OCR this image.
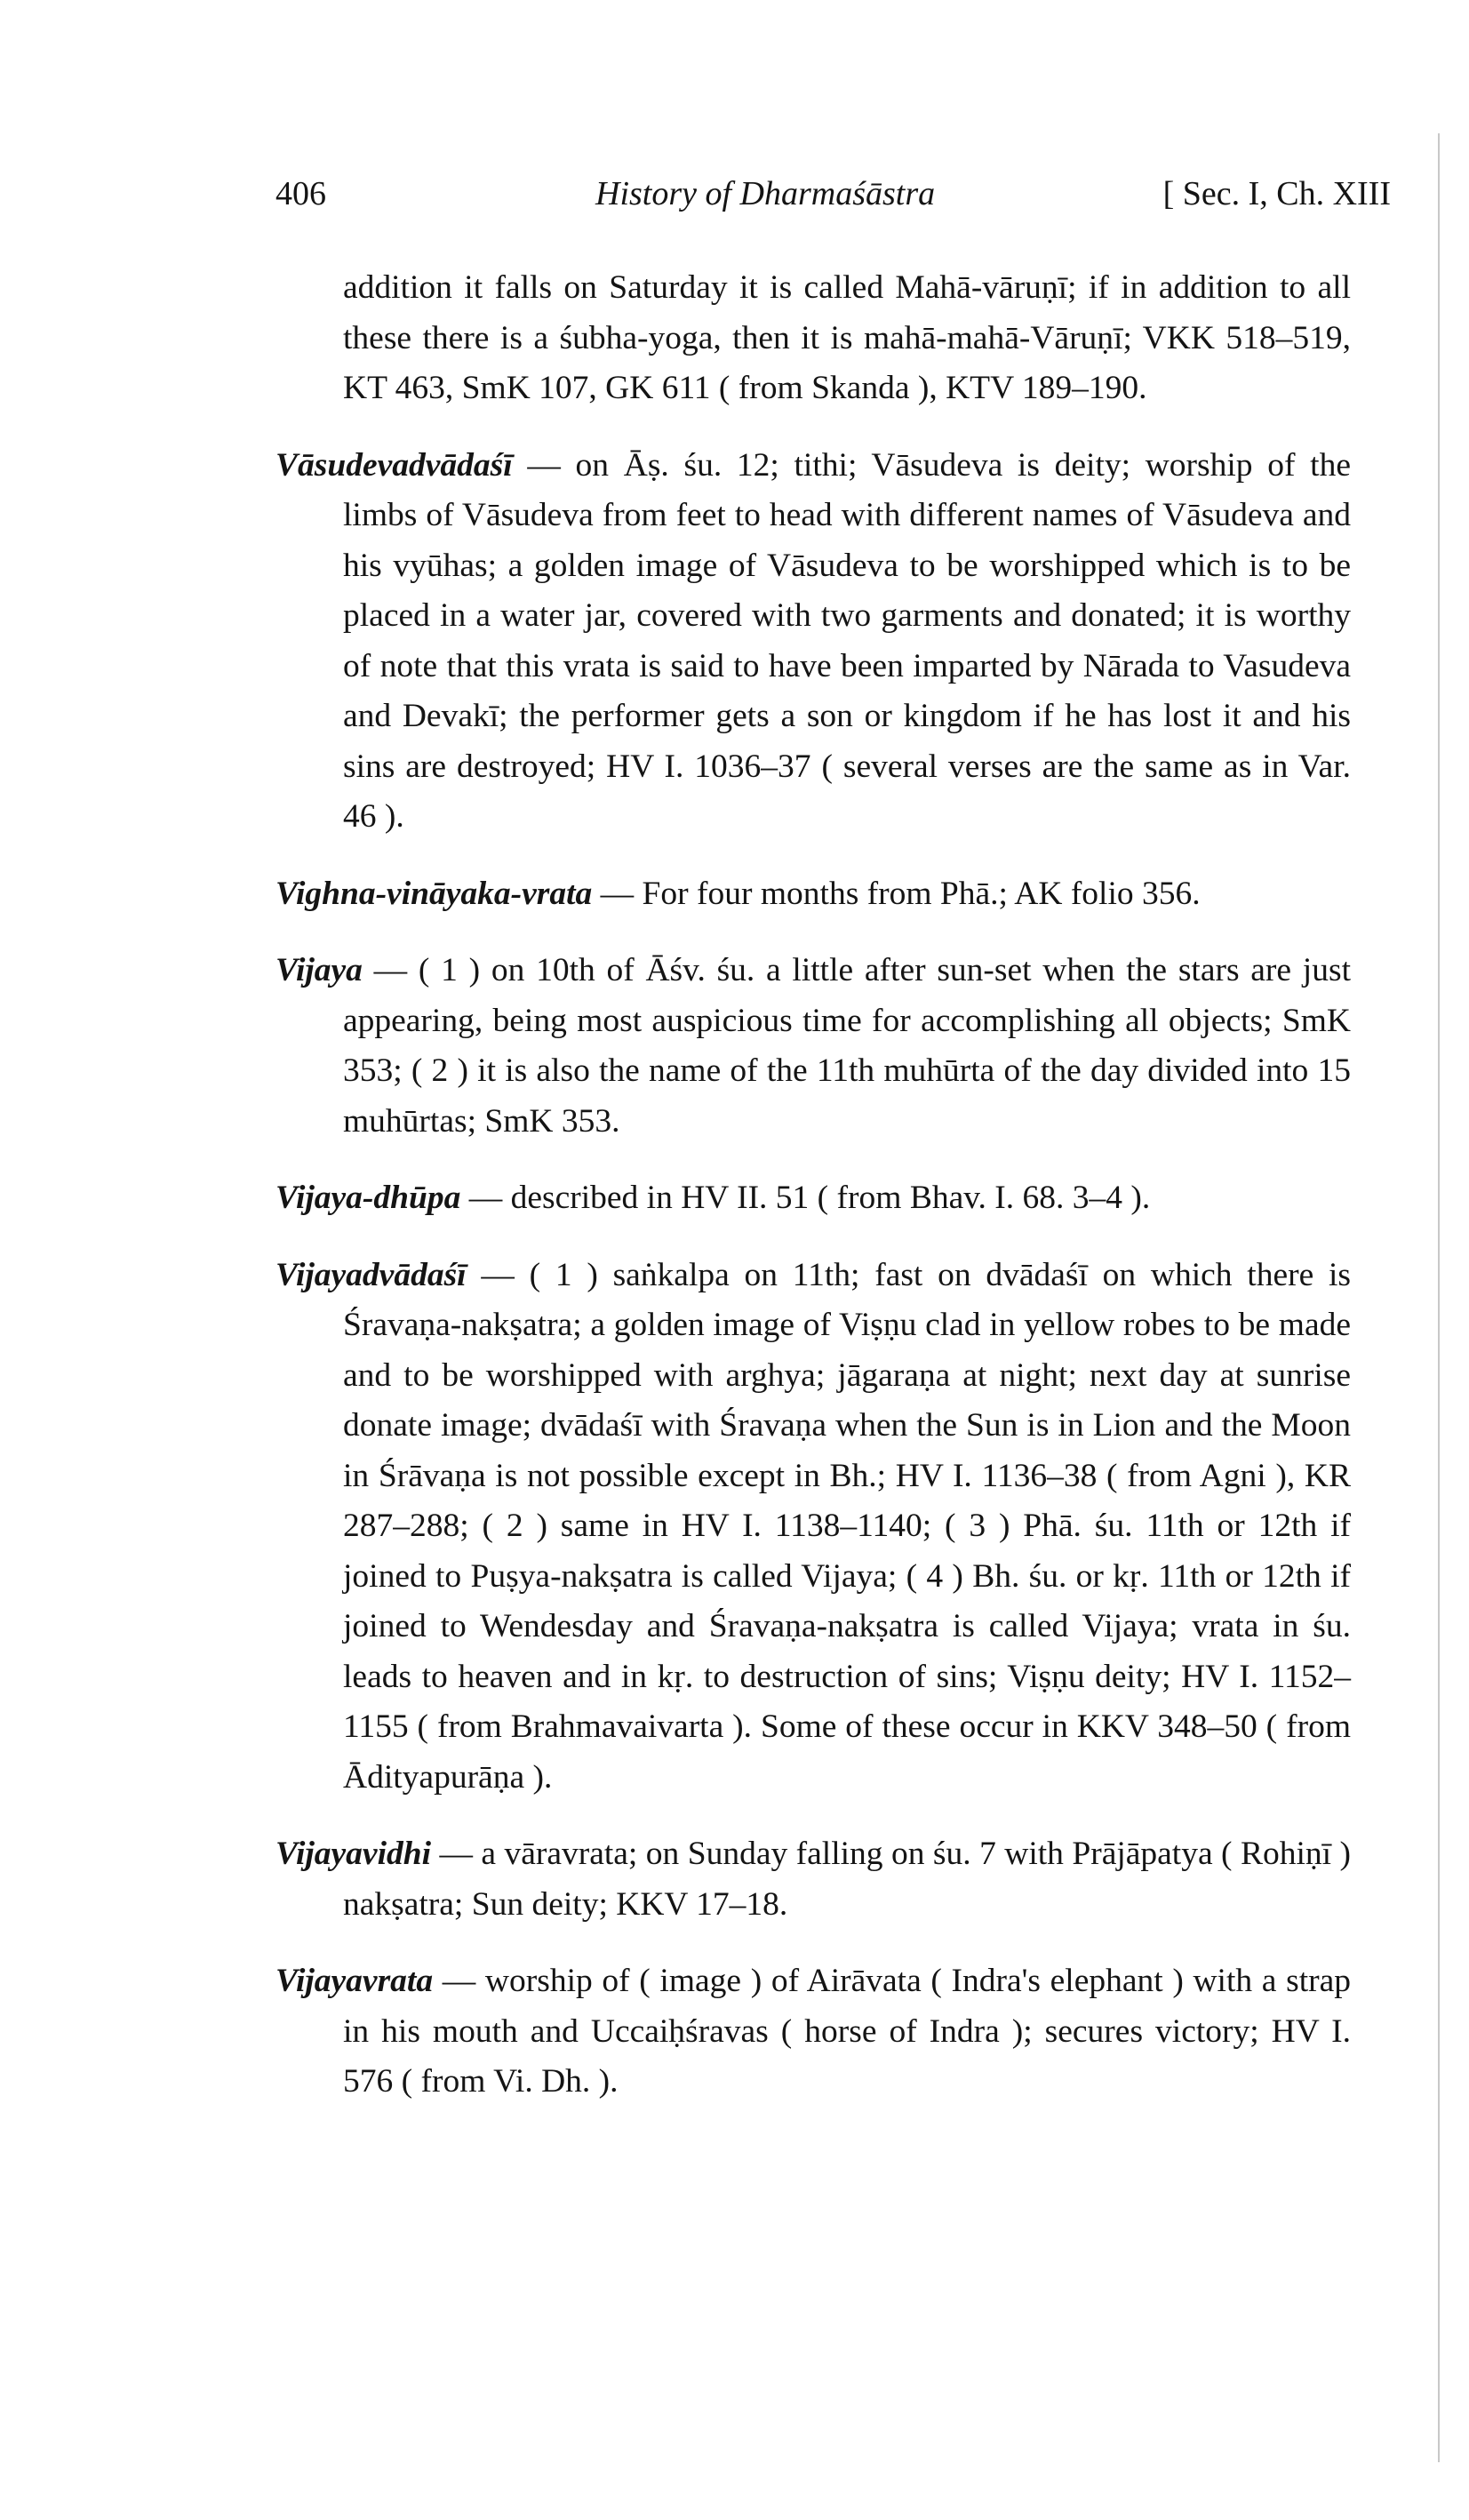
406	History of Dharmaśāstra	[ Sec. I, Ch. XIII

addition it falls on Saturday it is called Mahā-vāruṇī; if in addition to all these there is a śubha-yoga, then it is mahā-mahā-Vāruṇī; VKK 518–519, KT 463, SmK 107, GK 611 ( from Skanda ), KTV 189–190.

Vāsudevadvādaśī — on Āṣ. śu. 12; tithi; Vāsudeva is deity; worship of the limbs of Vāsudeva from feet to head with different names of Vāsudeva and his vyūhas; a golden image of Vāsudeva to be worshipped which is to be placed in a water jar, covered with two garments and donated; it is worthy of note that this vrata is said to have been imparted by Nārada to Vasudeva and Devakī; the performer gets a son or kingdom if he has lost it and his sins are destroyed; HV I. 1036–37 ( several verses are the same as in Var. 46 ).

Vighna-vināyaka-vrata — For four months from Phā.; AK folio 356.

Vijaya — ( 1 ) on 10th of Āśv. śu. a little after sun-set when the stars are just appearing, being most auspicious time for accomplishing all objects; SmK 353; ( 2 ) it is also the name of the 11th muhūrta of the day divided into 15 muhūrtas; SmK 353.

Vijaya-dhūpa — described in HV II. 51 ( from Bhav. I. 68. 3–4 ).

Vijayadvādaśī — ( 1 ) saṅkalpa on 11th; fast on dvādaśī on which there is Śravaṇa-nakṣatra; a golden image of Viṣṇu clad in yellow robes to be made and to be worshipped with arghya; jāgaraṇa at night; next day at sunrise donate image; dvādaśī with Śravaṇa when the Sun is in Lion and the Moon in Śrāvaṇa is not possible except in Bh.; HV I. 1136–38 ( from Agni ), KR 287–288; ( 2 ) same in HV I. 1138–1140; ( 3 ) Phā. śu. 11th or 12th if joined to Puṣya-nakṣatra is called Vijaya; ( 4 ) Bh. śu. or kṛ. 11th or 12th if joined to Wendesday and Śravaṇa-nakṣatra is called Vijaya; vrata in śu. leads to heaven and in kṛ. to destruction of sins; Viṣṇu deity; HV I. 1152–1155 ( from Brahmavaivarta ). Some of these occur in KKV 348–50 ( from Ādityapurāṇa ).

Vijayavidhi — a vāravrata; on Sunday falling on śu. 7 with Prājāpatya ( Rohiṇī ) nakṣatra; Sun deity; KKV 17–18.

Vijayavrata — worship of ( image ) of Airāvata ( Indra's elephant ) with a strap in his mouth and Uccaiḥśravas ( horse of Indra ); secures victory; HV I. 576 ( from Vi. Dh. ).
